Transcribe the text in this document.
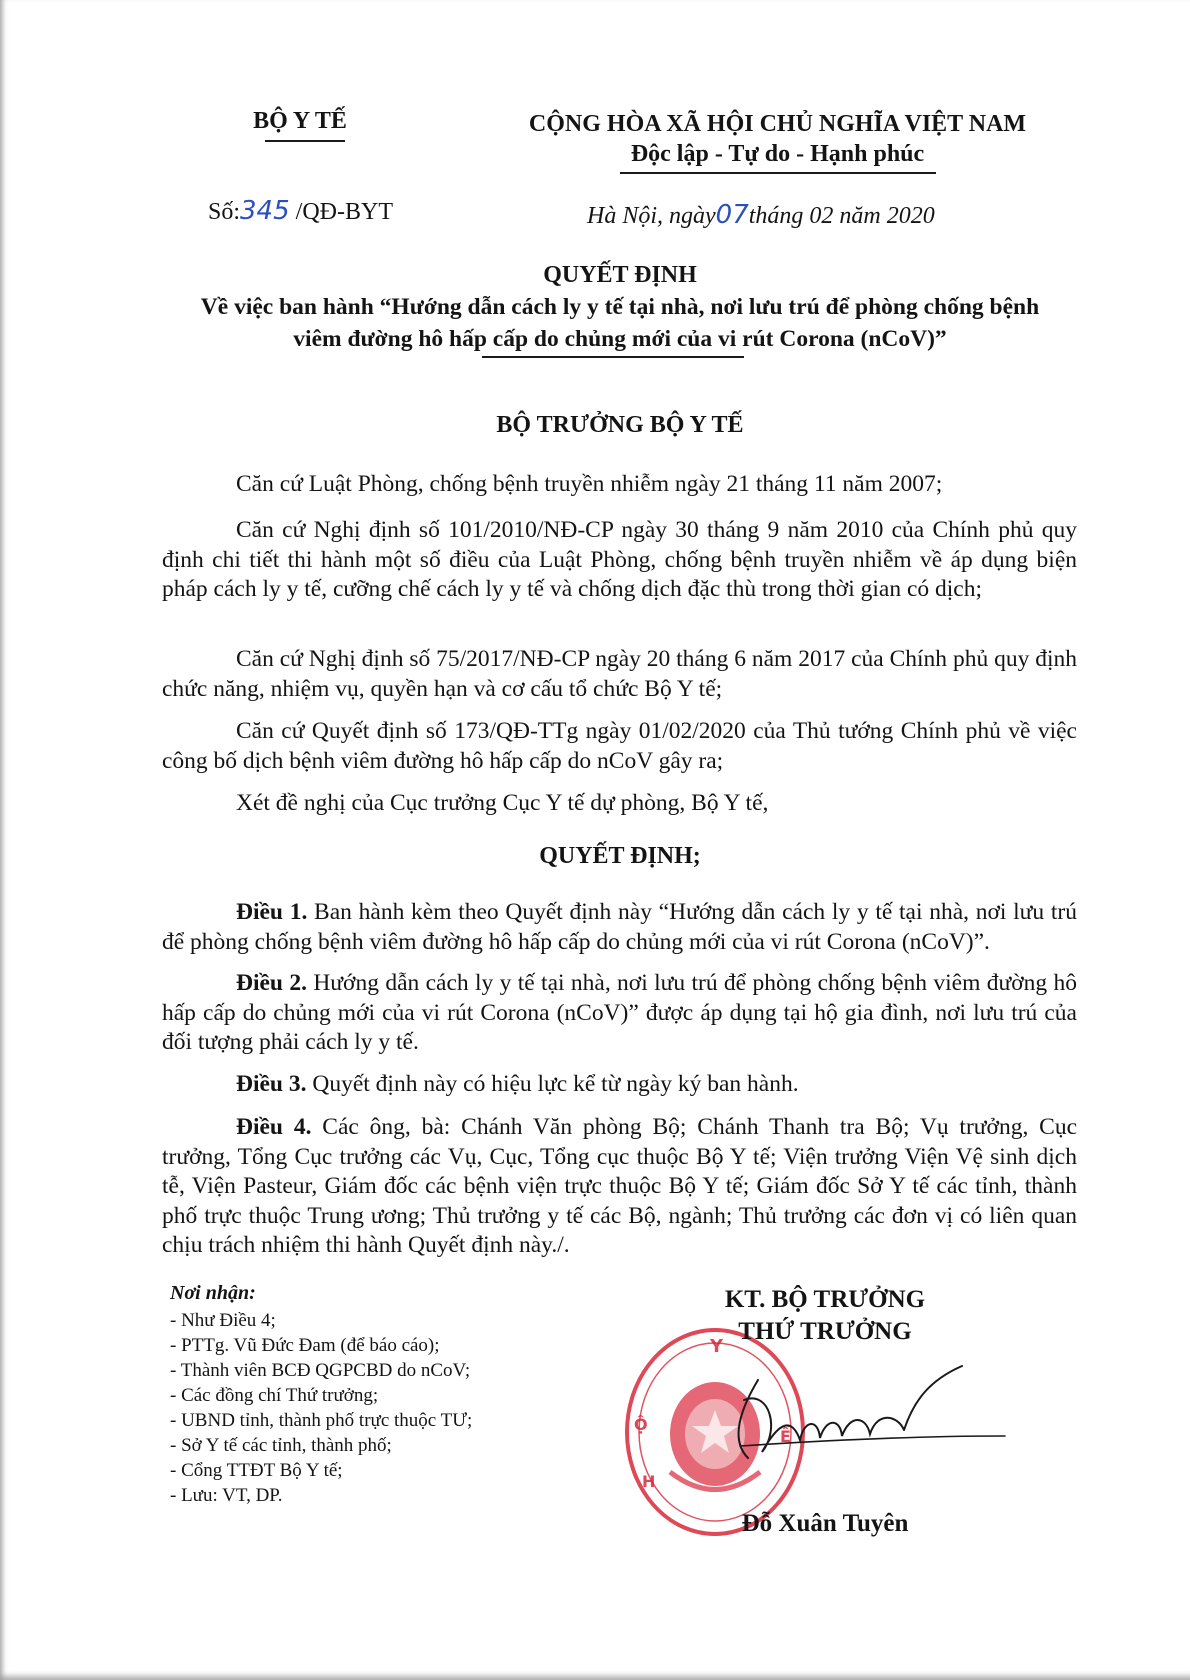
BỘ Y TẾ	CỘNG HÒA XÃ HỘI CHỦ NGHĨA VIỆT NAM
Độc lập - Tự do - Hạnh phúc
Số:345 /QĐ-BYT	Hà Nội, ngày07tháng 02 năm 2020
QUYẾT ĐỊNH
Về việc ban hành “Hướng dẫn cách ly y tế tại nhà, nơi lưu trú để phòng chống bệnh
viêm đường hô hấp cấp do chủng mới của vi rút Corona (nCoV)”
BỘ TRƯỞNG BỘ Y TẾ
Căn cứ Luật Phòng, chống bệnh truyền nhiễm ngày 21 tháng 11 năm 2007;
Căn cứ Nghị định số 101/2010/NĐ-CP ngày 30 tháng 9 năm 2010 của Chính phủ quy định chi tiết thi hành một số điều của Luật Phòng, chống bệnh truyền nhiễm về áp dụng biện pháp cách ly y tế, cưỡng chế cách ly y tế và chống dịch đặc thù trong thời gian có dịch;
Căn cứ Nghị định số 75/2017/NĐ-CP ngày 20 tháng 6 năm 2017 của Chính phủ quy định chức năng, nhiệm vụ, quyền hạn và cơ cấu tổ chức Bộ Y tế;
Căn cứ Quyết định số 173/QĐ-TTg ngày 01/02/2020 của Thủ tướng Chính phủ về việc công bố dịch bệnh viêm đường hô hấp cấp do nCoV gây ra;
Xét đề nghị của Cục trưởng Cục Y tế dự phòng, Bộ Y tế,
QUYẾT ĐỊNH;
Điều 1. Ban hành kèm theo Quyết định này “Hướng dẫn cách ly y tế tại nhà, nơi lưu trú để phòng chống bệnh viêm đường hô hấp cấp do chủng mới của vi rút Corona (nCoV)”.
Điều 2. Hướng dẫn cách ly y tế tại nhà, nơi lưu trú để phòng chống bệnh viêm đường hô hấp cấp do chủng mới của vi rút Corona (nCoV)” được áp dụng tại hộ gia đình, nơi lưu trú của đối tượng phải cách ly y tế.
Điều 3. Quyết định này có hiệu lực kể từ ngày ký ban hành.
Điều 4. Các ông, bà: Chánh Văn phòng Bộ; Chánh Thanh tra Bộ; Vụ trưởng, Cục trưởng, Tổng Cục trưởng các Vụ, Cục, Tổng cục thuộc Bộ Y tế; Viện trưởng Viện Vệ sinh dịch tễ, Viện Pasteur, Giám đốc các bệnh viện trực thuộc Bộ Y tế; Giám đốc Sở Y tế các tỉnh, thành phố trực thuộc Trung ương; Thủ trưởng y tế các Bộ, ngành; Thủ trưởng các đơn vị có liên quan chịu trách nhiệm thi hành Quyết định này./.
Nơi nhận:
- Như Điều 4;
- PTTg. Vũ Đức Đam (để báo cáo);
- Thành viên BCĐ QGPCBD do nCoV;
- Các đồng chí Thứ trưởng;
- UBND tỉnh, thành phố trực thuộc TƯ;
- Sở Y tế các tỉnh, thành phố;
- Cổng TTĐT Bộ Y tế;
- Lưu: VT, DP.
Y
Ộ
Ế
H
KT. BỘ TRƯỞNG
THỨ TRƯỞNG
Đỗ Xuân Tuyên
